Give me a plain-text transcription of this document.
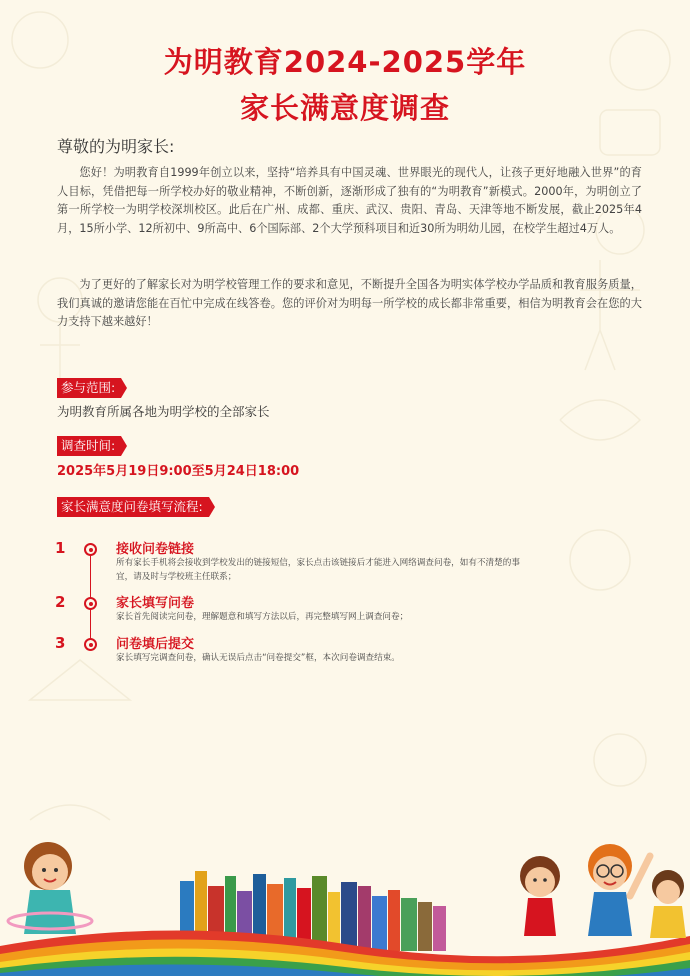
为明教育2024-2025学年
家长满意度调查
尊敬的为明家长:
您好！为明教育自1999年创立以来，坚持“培养具有中国灵魂、世界眼光的现代人，让孩子更好地融入世界”的育人目标，凭借把每一所学校办好的敬业精神，不断创新，逐渐形成了独有的“为明教育”新模式。2000年，为明创立了第一所学校一为明学校深圳校区。此后在广州、成都、重庆、武汉、贵阳、青岛、天津等地不断发展，截止2025年4月，15所小学、12所初中、9所高中、6个国际部、2个大学预科项目和近30所为明幼儿园，在校学生超过4万人。
为了更好的了解家长对为明学校管理工作的要求和意见，不断提升全国各为明实体学校办学品质和教育服务质量，我们真诚的邀请您能在百忙中完成在线答卷。您的评价对为明每一所学校的成长都非常重要，相信为明教育会在您的大力支持下越来越好！
参与范围:
为明教育所属各地为明学校的全部家长
调查时间:
2025年5月19日9:00至5月24日18:00
家长满意度问卷填写流程:
1	接收问卷链接
所有家长手机将会接收到学校发出的链接短信，家长点击该链接后才能进入网络调查问卷，如有不清楚的事宜，请及时与学校班主任联系；
2	家长填写问卷
家长首先阅读完问卷，理解题意和填写方法以后，再完整填写网上调查问卷；
3	问卷填后提交
家长填写完调查问卷，确认无误后点击“问卷提交”框，本次问卷调查结束。
